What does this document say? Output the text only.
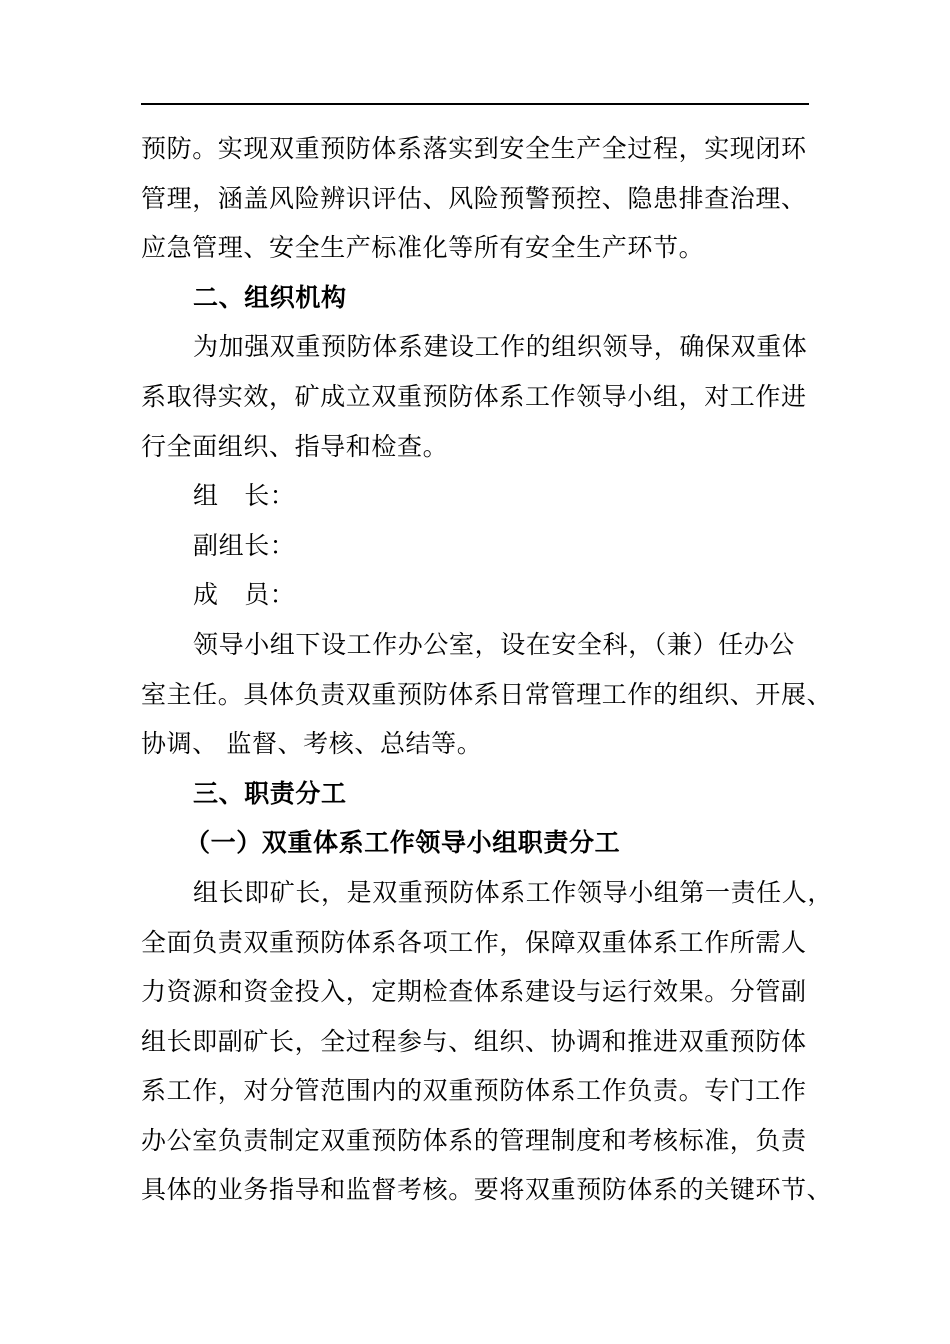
预防。实现双重预防体系落实到安全生产全过程，实现闭环
管理，涵盖风险辨识评估、风险预警预控、隐患排查治理、
应急管理、安全生产标准化等所有安全生产环节。
二、组织机构
为加强双重预防体系建设工作的组织领导，确保双重体
系取得实效，矿成立双重预防体系工作领导小组，对工作进
行全面组织、指导和检查。
组　长：
副组长：
成　员：
领导小组下设工作办公室，设在安全科，（兼）任办公
室主任。具体负责双重预防体系日常管理工作的组织、开展、
协调、 监督、考核、总结等。
三、职责分工
（一）双重体系工作领导小组职责分工
组长即矿长，是双重预防体系工作领导小组第一责任人，
全面负责双重预防体系各项工作，保障双重体系工作所需人
力资源和资金投入，定期检查体系建设与运行效果。分管副
组长即副矿长，全过程参与、组织、协调和推进双重预防体
系工作，对分管范围内的双重预防体系工作负责。专门工作
办公室负责制定双重预防体系的管理制度和考核标准，负责
具体的业务指导和监督考核。要将双重预防体系的关键环节、
